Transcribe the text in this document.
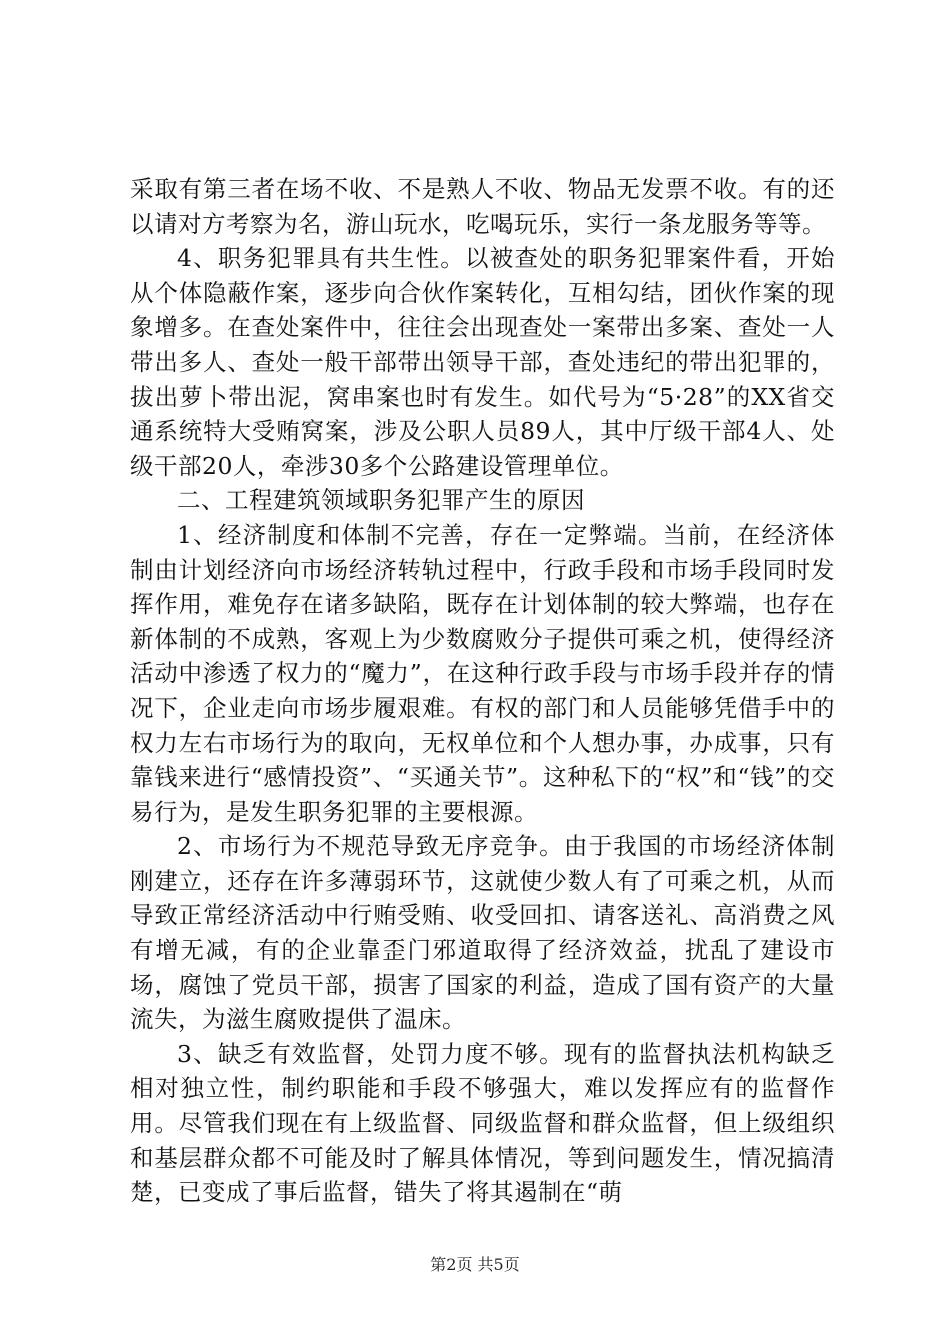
采取有第三者在场不收、不是熟人不收、物品无发票不收。有的还以请对方考察为名，游山玩水，吃喝玩乐，实行一条龙服务等等。

4、职务犯罪具有共生性。以被查处的职务犯罪案件看，开始从个体隐蔽作案，逐步向合伙作案转化，互相勾结，团伙作案的现象增多。在查处案件中，往往会出现查处一案带出多案、查处一人带出多人、查处一般干部带出领导干部，查处违纪的带出犯罪的，拔出萝卜带出泥，窝串案也时有发生。如代号为“5·28”的XX省交通系统特大受贿窝案，涉及公职人员89人，其中厅级干部4人、处级干部20人，牵涉30多个公路建设管理单位。

二、工程建筑领域职务犯罪产生的原因

1、经济制度和体制不完善，存在一定弊端。当前，在经济体制由计划经济向市场经济转轨过程中，行政手段和市场手段同时发挥作用，难免存在诸多缺陷，既存在计划体制的较大弊端，也存在新体制的不成熟，客观上为少数腐败分子提供可乘之机，使得经济活动中渗透了权力的“魔力”，在这种行政手段与市场手段并存的情况下，企业走向市场步履艰难。有权的部门和人员能够凭借手中的权力左右市场行为的取向，无权单位和个人想办事，办成事，只有靠钱来进行“感情投资”、“买通关节”。这种私下的“权”和“钱”的交易行为，是发生职务犯罪的主要根源。

2、市场行为不规范导致无序竞争。由于我国的市场经济体制刚建立，还存在许多薄弱环节，这就使少数人有了可乘之机，从而导致正常经济活动中行贿受贿、收受回扣、请客送礼、高消费之风有增无减，有的企业靠歪门邪道取得了经济效益，扰乱了建设市场，腐蚀了党员干部，损害了国家的利益，造成了国有资产的大量流失，为滋生腐败提供了温床。

3、缺乏有效监督，处罚力度不够。现有的监督执法机构缺乏相对独立性，制约职能和手段不够强大，难以发挥应有的监督作用。尽管我们现在有上级监督、同级监督和群众监督，但上级组织和基层群众都不可能及时了解具体情况，等到问题发生，情况搞清楚，已变成了事后监督，错失了将其遏制在“萌

第2页 共5页
